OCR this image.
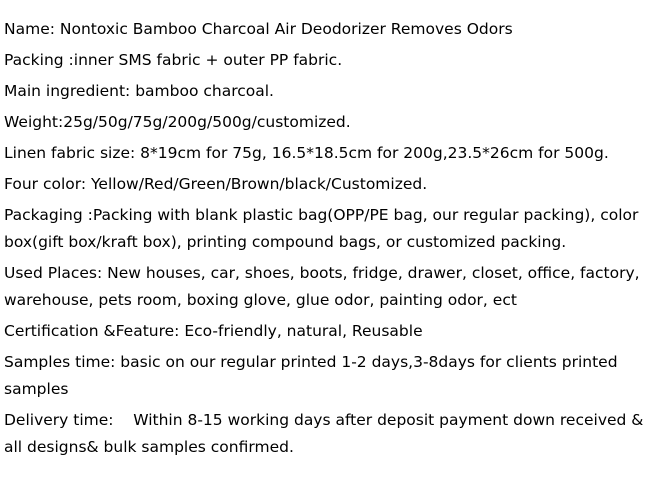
Name: Nontoxic Bamboo Charcoal Air Deodorizer Removes Odors

Packing :inner SMS fabric + outer PP fabric.

Main ingredient: bamboo charcoal.

Weight:25g/50g/75g/200g/500g/customized.

Linen fabric size: 8*19cm for 75g, 16.5*18.5cm for 200g,23.5*26cm for 500g.

Four color: Yellow/Red/Green/Brown/black/Customized.

Packaging :Packing with blank plastic bag(OPP/PE bag, our regular packing), color box(gift box/kraft box), printing compound bags, or customized packing.

Used Places: New houses, car, shoes, boots, fridge, drawer, closet, office, factory, warehouse, pets room, boxing glove, glue odor, painting odor, ect

Certification &Feature: Eco-friendly, natural, Reusable

Samples time: basic on our regular printed 1-2 days,3-8days for clients printed samples

Delivery time:    Within 8-15 working days after deposit payment down received & all designs& bulk samples confirmed.
